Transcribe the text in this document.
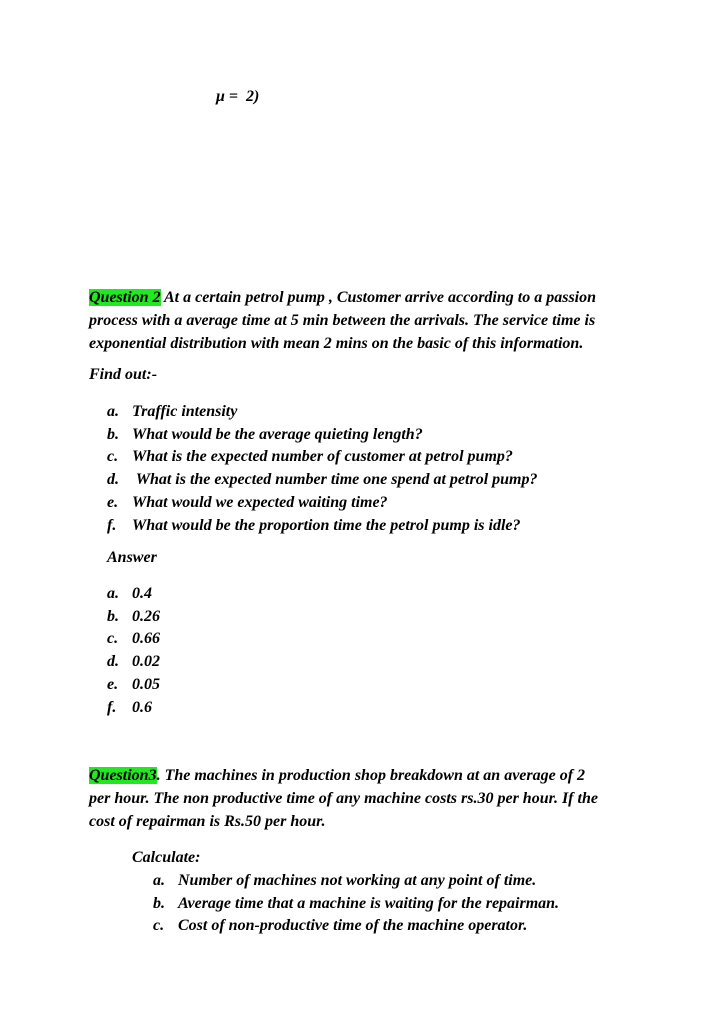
μ =  2)
Question 2 At a certain petrol pump , Customer arrive according to a passion
process with a average time at 5 min between the arrivals. The service time is
exponential distribution with mean 2 mins on the basic of this information.
Find out:-
a. Traffic intensity
b. What would be the average quieting length?
c. What is the expected number of customer at petrol pump?
d. What is the expected number time one spend at petrol pump?
e. What would we expected waiting time?
f. What would be the proportion time the petrol pump is idle?
Answer
a. 0.4
b. 0.26
c. 0.66
d. 0.02
e. 0.05
f. 0.6
Question3. The machines in production shop breakdown at an average of 2
per hour. The non productive time of any machine costs rs.30 per hour. If the
cost of repairman is Rs.50 per hour.
Calculate:
a. Number of machines not working at any point of time.
b. Average time that a machine is waiting for the repairman.
c. Cost of non-productive time of the machine operator.
